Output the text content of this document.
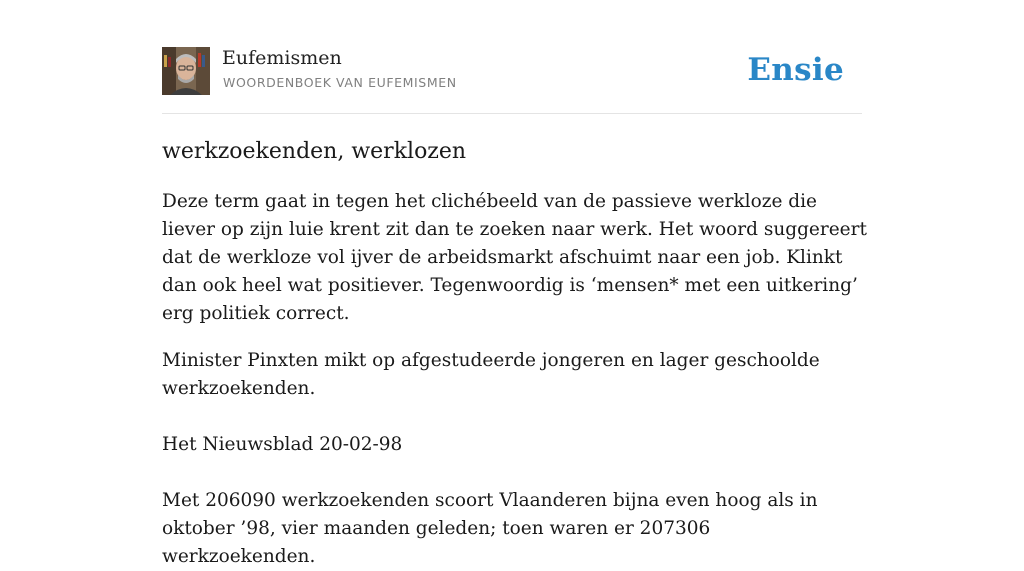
Eufemismen
WOORDENBOEK VAN EUFEMISMEN	Ensie
werkzoekenden, werklozen

Deze term gaat in tegen het clichébeeld van de passieve werkloze die liever op zijn luie krent zit dan te zoeken naar werk. Het woord suggereert dat de werkloze vol ijver de arbeidsmarkt afschuimt naar een job. Klinkt dan ook heel wat positiever. Tegenwoordig is ‘mensen* met een uitkering’ erg politiek correct.

Minister Pinxten mikt op afgestudeerde jongeren en lager geschoolde werkzoekenden.

Het Nieuwsblad 20-02-98

Met 206090 werkzoekenden scoort Vlaanderen bijna even hoog als in oktober ’98, vier maanden geleden; toen waren er 207306 werkzoekenden.
